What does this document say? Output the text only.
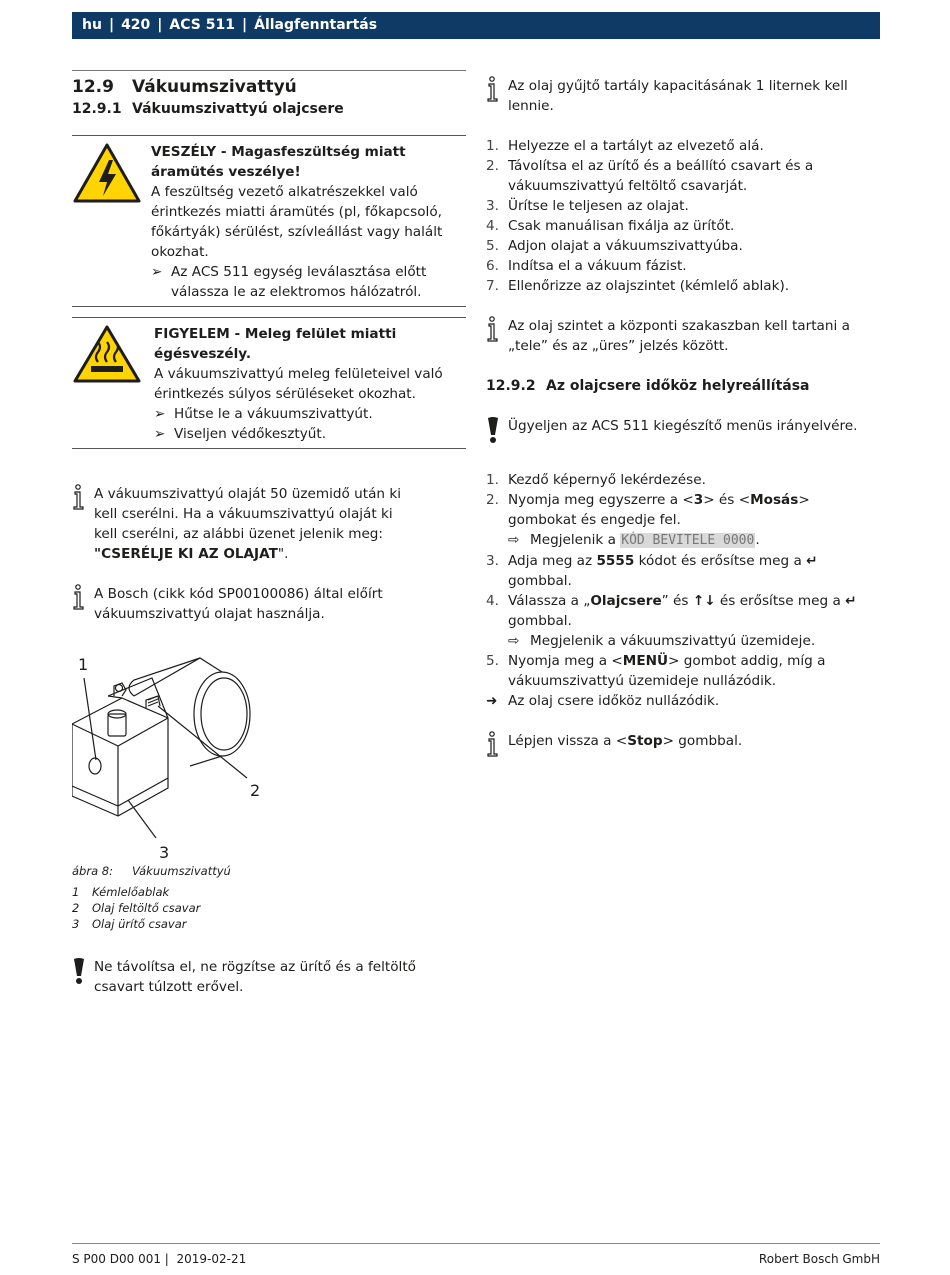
hu | 420 | ACS 511 | Állagfenntartás
12.9 Vákuumszivattyú
12.9.1 Vákuumszivattyú olajcsere
VESZÉLY - Magasfeszültség miatt áramütés veszélye!
A feszültség vezető alkatrészekkel való érintkezés miatti áramütés (pl, főkapcsoló, főkártyák) sérülést, szívleállást vagy halált okozhat.
➢ Az ACS 511 egység leválasztása előtt válassza le az elektromos hálózatról.
FIGYELEM - Meleg felület miatti égésveszély.
A vákuumszivattyú meleg felületeivel való érintkezés súlyos sérüléseket okozhat.
➢ Hűtse le a vákuumszivattyút.
➢ Viseljen védőkesztyűt.
A vákuumszivattyú olaját 50 üzemidő után ki kell cserélni. Ha a vákuumszivattyú olaját ki kell cserélni, az alábbi üzenet jelenik meg:
"CSERÉLJE KI AZ OLAJAT".
A Bosch (cikk kód SP00100086) által előírt vákuumszivattyú olajat használja.
1
2
3
ábra 8: Vákuumszivattyú
1 Kémlelőablak
2 Olaj feltöltő csavar
3 Olaj ürítő csavar
Ne távolítsa el, ne rögzítse az ürítő és a feltöltő csavart túlzott erővel.
Az olaj gyűjtő tartály kapacitásának 1 liternek kell lennie.
1. Helyezze el a tartályt az elvezető alá.
2. Távolítsa el az ürítő és a beállító csavart és a vákuumszivattyú feltöltő csavarját.
3. Ürítse le teljesen az olajat.
4. Csak manuálisan fixálja az ürítőt.
5. Adjon olajat a vákuumszivattyúba.
6. Indítsa el a vákuum fázist.
7. Ellenőrizze az olajszintet (kémlelő ablak).
Az olaj szintet a központi szakaszban kell tartani a „tele” és az „üres” jelzés között.
12.9.2 Az olajcsere időköz helyreállítása
Ügyeljen az ACS 511 kiegészítő menüs irányelvére.
1. Kezdő képernyő lekérdezése.
2. Nyomja meg egyszerre a <3> és <Mosás> gombokat és engedje fel.
⇨ Megjelenik a KÓD BEVITELE 0000.
3. Adja meg az 5555 kódot és erősítse meg a ↵
gombbal.
4. Válassza a „Olajcsere” és ↑↓ és erősítse meg a ↵
gombbal.
⇨ Megjelenik a vákuumszivattyú üzemideje.
5. Nyomja meg a <MENÜ> gombot addig, míg a vákuumszivattyú üzemideje nullázódik.
➜ Az olaj csere időköz nullázódik.
Lépjen vissza a <Stop> gombbal.
S P00 D00 001 |  2019-02-21	Robert Bosch GmbH
